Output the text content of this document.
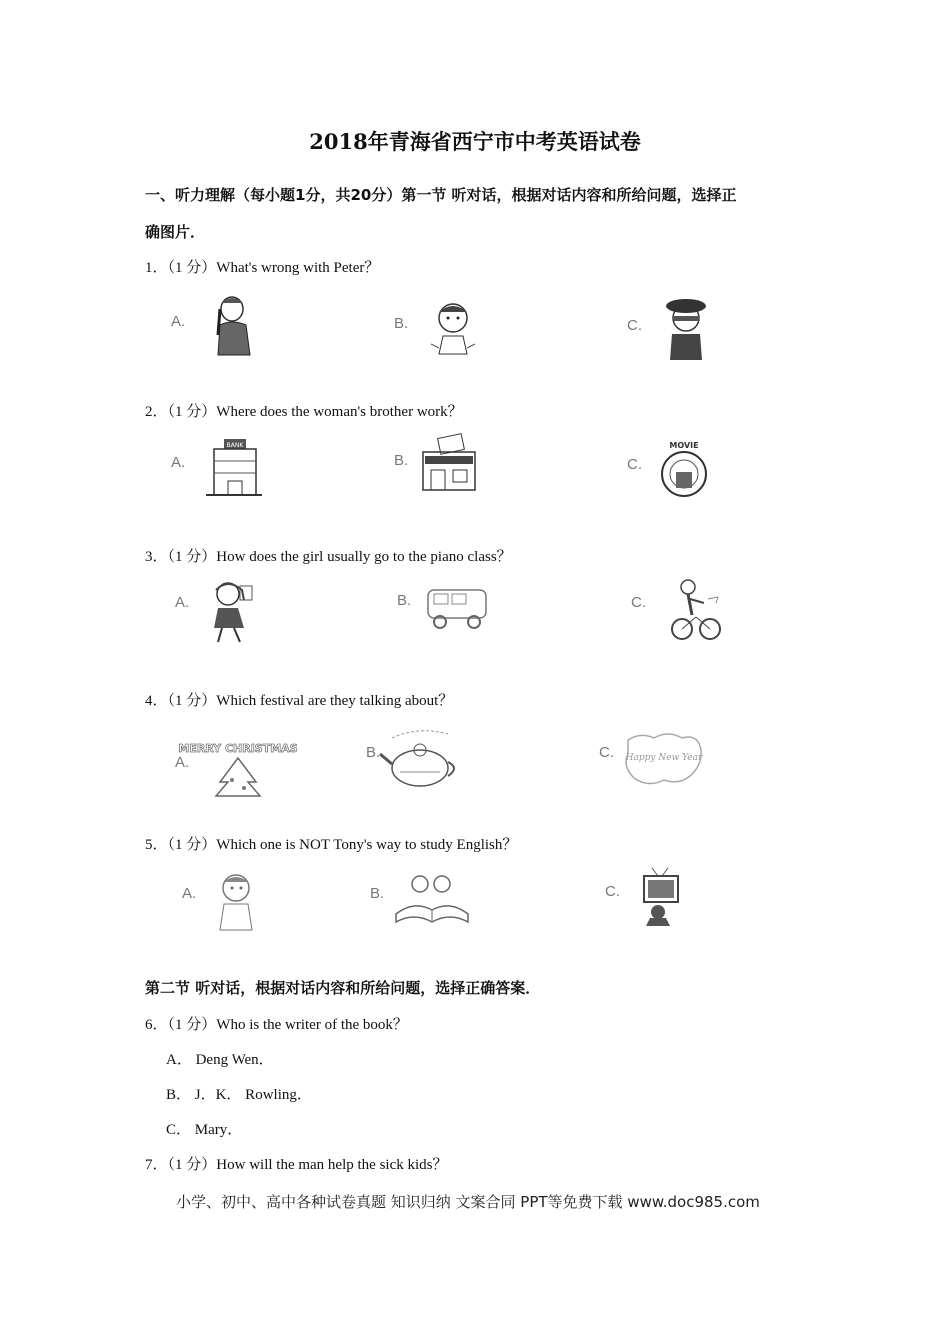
2018年青海省西宁市中考英语试卷
一、听力理解（每小题1分，共20分）第一节 听对话，根据对话内容和所给问题，选择正
确图片．
1．（1 分）What's wrong with Peter？
A.	B.	C.
2．（1 分）Where does the woman's brother work？
A.	B.	C.
BANK	MOVIE
3．（1 分）How does the girl usually go to the piano class？
A.	B.	C.
4．（1 分）Which festival are they talking about？
A.
B.	C.
MERRY CHRISTMAS
Happy New Year
5．（1 分）Which one is NOT Tony's way to study English？
A.	B.	C.
第二节 听对话，根据对话内容和所给问题，选择正确答案．
6．（1 分）Who is the writer of the book？
A． Deng Wen．
B． J．K． Rowling．
C． Mary．
7．（1 分）How will the man help the sick kids？
小学、初中、高中各种试卷真题 知识归纳 文案合同 PPT等免费下载 www.doc985.com
